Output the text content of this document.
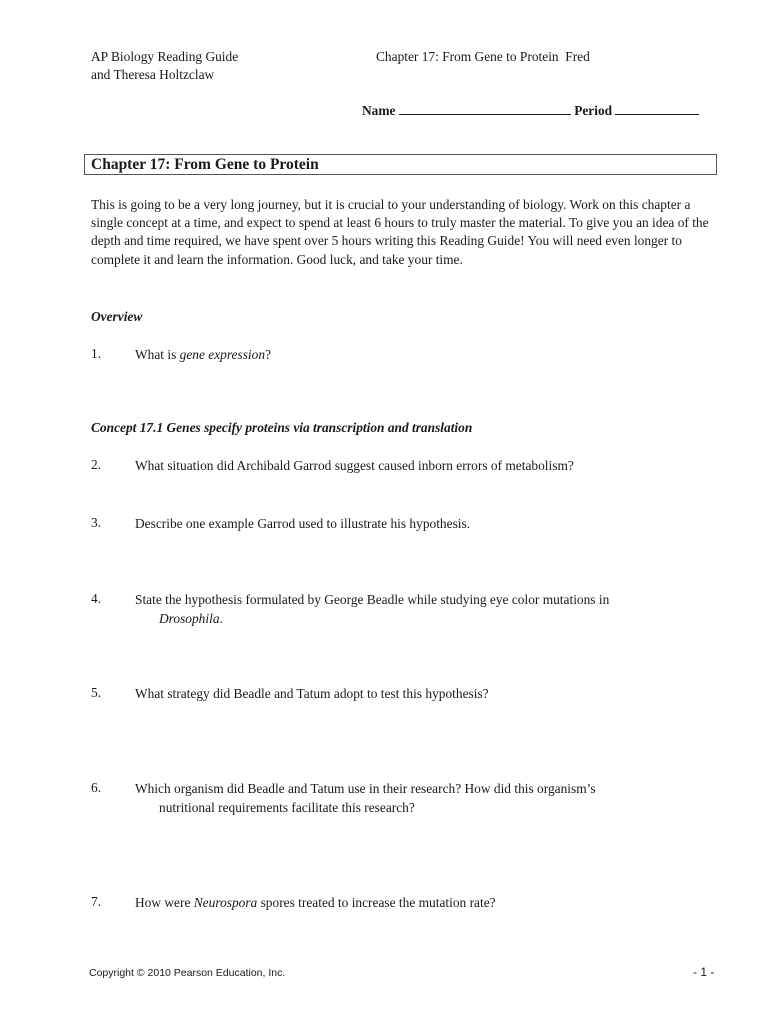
AP Biology Reading Guide
and Theresa Holtzclaw
Chapter 17: From Gene to Protein  Fred
Name	Period
Chapter 17: From Gene to Protein
This is going to be a very long journey, but it is crucial to your understanding of biology. Work on this chapter a single concept at a time, and expect to spend at least 6 hours to truly master the material. To give you an idea of the depth and time required, we have spent over 5 hours writing this Reading Guide! You will need even longer to complete it and learn the information. Good luck, and take your time.
Overview
1.	What is gene expression?
Concept 17.1 Genes specify proteins via transcription and translation
2.	What situation did Archibald Garrod suggest caused inborn errors of metabolism?
3.	Describe one example Garrod used to illustrate his hypothesis.
4.	State the hypothesis formulated by George Beadle while studying eye color mutations in
Drosophila.
5.	What strategy did Beadle and Tatum adopt to test this hypothesis?
6.	Which organism did Beadle and Tatum use in their research? How did this organism’s
nutritional requirements facilitate this research?
7.	How were Neurospora spores treated to increase the mutation rate?
Copyright © 2010 Pearson Education, Inc.	- 1 -
